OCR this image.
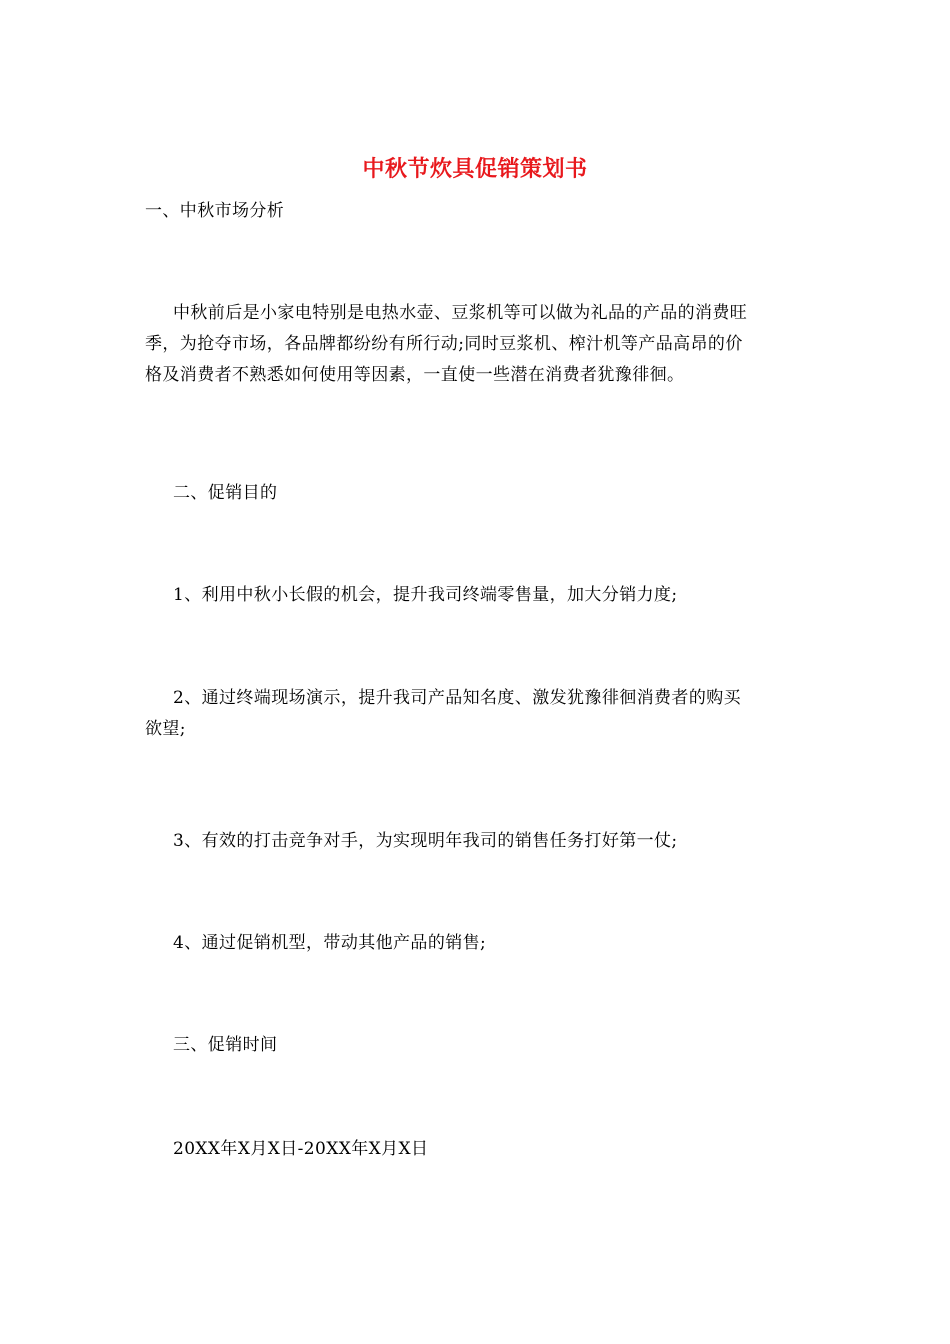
中秋节炊具促销策划书
一、中秋市场分析
中秋前后是小家电特别是电热水壶、豆浆机等可以做为礼品的产品的消费旺
季，为抢夺市场，各品牌都纷纷有所行动;同时豆浆机、榨汁机等产品高昂的价
格及消费者不熟悉如何使用等因素，一直使一些潜在消费者犹豫徘徊。
二、促销目的
1、利用中秋小长假的机会，提升我司终端零售量，加大分销力度;
2、通过终端现场演示，提升我司产品知名度、激发犹豫徘徊消费者的购买
欲望;
3、有效的打击竞争对手，为实现明年我司的销售任务打好第一仗;
4、通过促销机型，带动其他产品的销售;
三、促销时间
20XX年X月X日-20XX年X月X日
